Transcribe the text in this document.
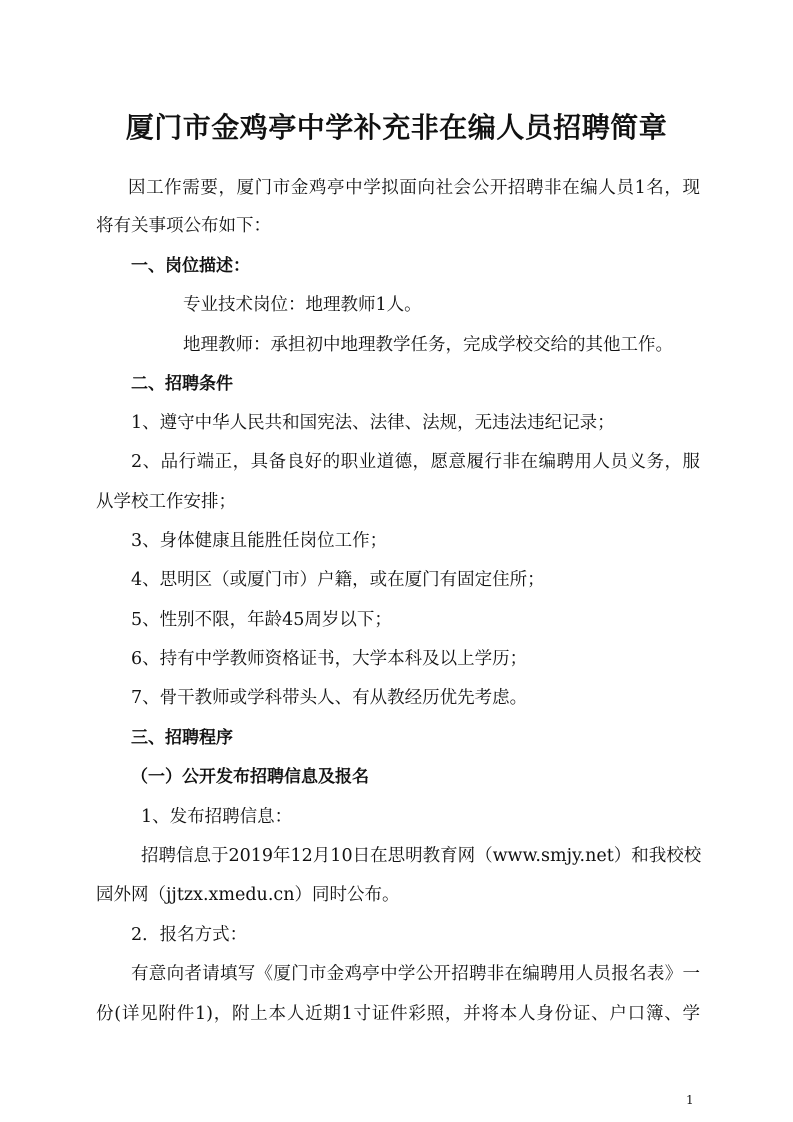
厦门市金鸡亭中学补充非在编人员招聘简章
因工作需要，厦门市金鸡亭中学拟面向社会公开招聘非在编人员1名，现
将有关事项公布如下：
一、岗位描述：
专业技术岗位：地理教师1人。
地理教师：承担初中地理教学任务，完成学校交给的其他工作。
二、招聘条件
1、遵守中华人民共和国宪法、法律、法规，无违法违纪记录；
2、品行端正，具备良好的职业道德，愿意履行非在编聘用人员义务，服
从学校工作安排；
3、身体健康且能胜任岗位工作；
4、思明区（或厦门市）户籍，或在厦门有固定住所；
5、性别不限，年龄45周岁以下；
6、持有中学教师资格证书，大学本科及以上学历；
7、骨干教师或学科带头人、有从教经历优先考虑。
三、招聘程序
（一）公开发布招聘信息及报名
1、发布招聘信息：
招聘信息于2019年12月10日在思明教育网（www.smjy.net）和我校校
园外网（jjtzx.xmedu.cn）同时公布。
2．报名方式：
有意向者请填写《厦门市金鸡亭中学公开招聘非在编聘用人员报名表》一
份(详见附件1)，附上本人近期1寸证件彩照，并将本人身份证、户口簿、学
1
